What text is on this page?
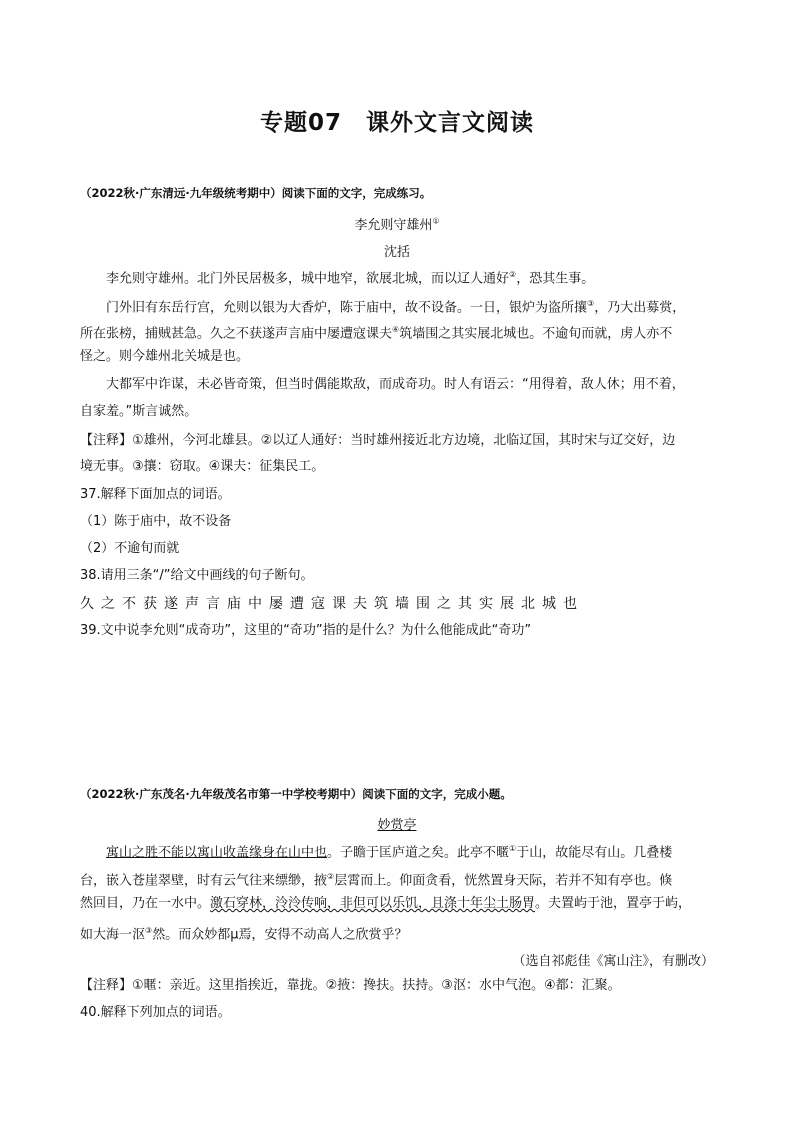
专题07　课外文言文阅读
（2022秋·广东清远·九年级统考期中）阅读下面的文字，完成练习。
李允则守雄州①
沈括
李允则守雄州。北门外民居极多，城中地窄，欲展北城，而以辽人通好②，恐其生事。
门外旧有东岳行宫，允则以银为大香炉，陈于庙中，故不设备。一日，银炉为盗所攘③，乃大出募赏，
所在张榜，捕贼甚急。久之不获遂声言庙中屡遭寇课夫④筑墙围之其实展北城也。不逾旬而就，虏人亦不
怪之。则今雄州北关城是也。
大都军中诈谋，未必皆奇策，但当时偶能欺敌，而成奇功。时人有语云：“用得着，敌人休；用不着，
自家羞。”斯言诚然。
【注释】①雄州，今河北雄县。②以辽人通好：当时雄州接近北方边境，北临辽国，其时宋与辽交好，边
境无事。③攘：窃取。④课夫：征集民工。
37.解释下面加点的词语。
（1）陈于庙中，故不设备
（2）不逾旬而就
38.请用三条“/”给文中画线的句子断句。
久之不获遂声言庙中屡遭寇课夫筑墙围之其实展北城也
39.文中说李允则“成奇功”，这里的“奇功”指的是什么？为什么他能成此“奇功”
（2022秋·广东茂名·九年级茂名市第一中学校考期中）阅读下面的文字，完成小题。
妙赏亭
寓山之胜不能以寓山收盖缘身在山中也。子瞻于匡庐道之矣。此亭不暱①于山，故能尽有山。几叠楼
台，嵌入苍崖翠壁，时有云气往来缥缈，掖②层霄而上。仰面贪看，恍然置身天际，若并不知有亭也。倏
然回目，乃在一水中。激石穿林，泠泠传响，非但可以乐饥，且涤十年尘土肠胃。夫置屿于池，置亭于屿，
如大海一沤③然。而众妙都μ焉，安得不动高人之欣赏乎？
（选自祁彪佳《寓山注》，有删改）
【注释】①暱：亲近。这里指挨近，靠拢。②掖：搀扶。扶持。③沤：水中气泡。④都：汇聚。
40.解释下列加点的词语。
